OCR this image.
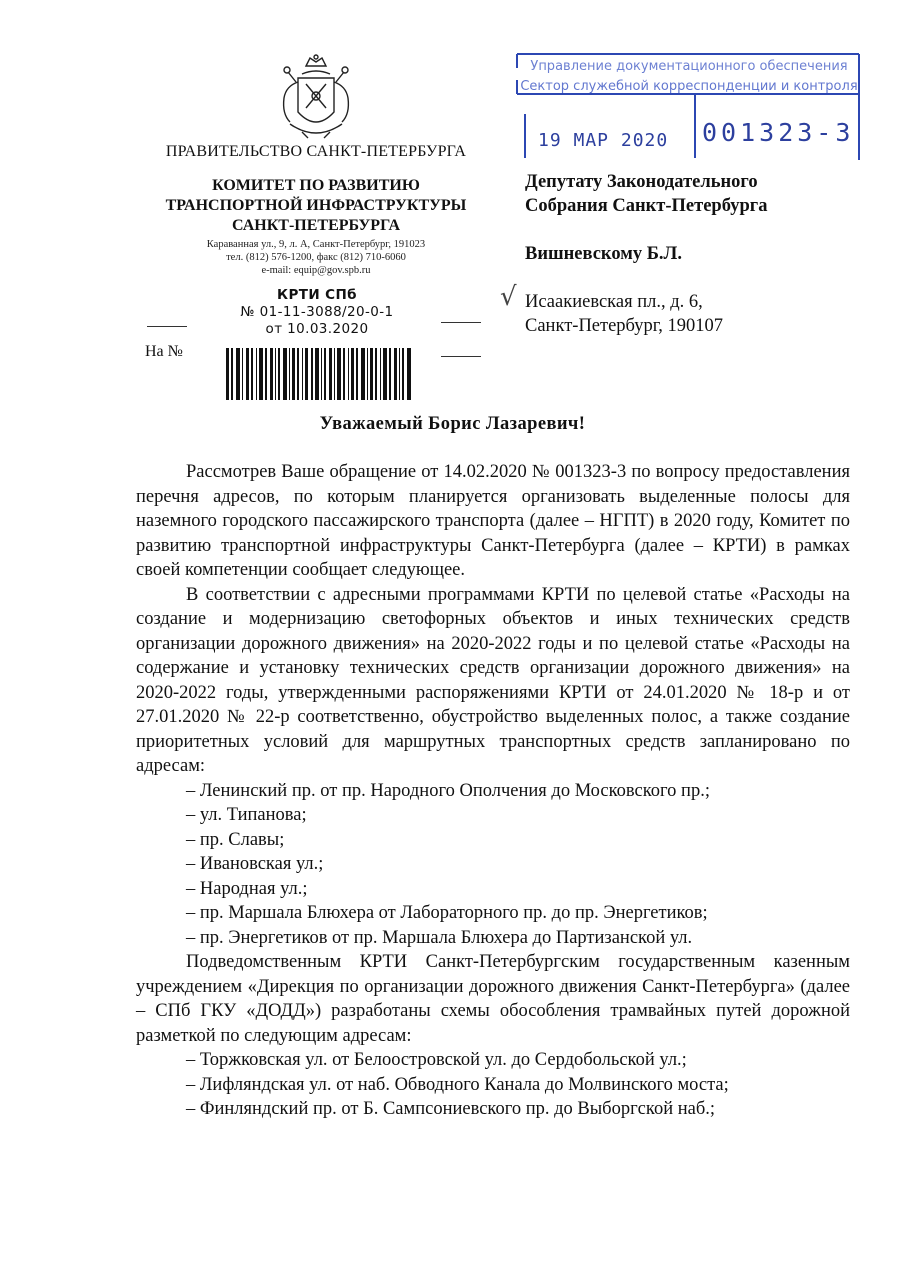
ПРАВИТЕЛЬСТВО САНКТ-ПЕТЕРБУРГА
КОМИТЕТ ПО РАЗВИТИЮ
ТРАНСПОРТНОЙ ИНФРАСТРУКТУРЫ
САНКТ-ПЕТЕРБУРГА
Караванная ул., 9, л. А, Санкт-Петербург, 191023
тел. (812) 576-1200, факс (812) 710-6060
e-mail: equip@gov.spb.ru
КРТИ СПб
№ 01-11-3088/20-0-1
от 10.03.2020
На №
Управление документационного обеспечения
Сектор служебной корреспонденции и контроля
19 MAP 2020	001323-3
Депутату Законодательного
Собрания Санкт-Петербурга
Вишневскому Б.Л.
√ Исаакиевская пл., д. 6,
Санкт-Петербург, 190107
Уважаемый Борис Лазаревич!

Рассмотрев Ваше обращение от 14.02.2020 № 001323-3 по вопросу предоставления перечня адресов, по которым планируется организовать выделенные полосы для наземного городского пассажирского транспорта (далее – НГПТ) в 2020 году, Комитет по развитию транспортной инфраструктуры Санкт-Петербурга (далее – КРТИ) в рамках своей компетенции сообщает следующее.

В соответствии с адресными программами КРТИ по целевой статье «Расходы на создание и модернизацию светофорных объектов и иных технических средств организации дорожного движения» на 2020-2022 годы и по целевой статье «Расходы на содержание и установку технических средств организации дорожного движения» на 2020-2022 годы, утвержденными распоряжениями КРТИ от 24.01.2020 № 18-р и от 27.01.2020 № 22-р соответственно, обустройство выделенных полос, а также создание приоритетных условий для маршрутных транспортных средств запланировано по адресам:

– Ленинский пр. от пр. Народного Ополчения до Московского пр.;
– ул. Типанова;
– пр. Славы;
– Ивановская ул.;
– Народная ул.;
– пр. Маршала Блюхера от Лабораторного пр. до пр. Энергетиков;
– пр. Энергетиков от пр. Маршала Блюхера до Партизанской ул.

Подведомственным КРТИ Санкт-Петербургским государственным казенным учреждением «Дирекция по организации дорожного движения Санкт-Петербурга» (далее – СПб ГКУ «ДОДД») разработаны схемы обособления трамвайных путей дорожной разметкой по следующим адресам:

– Торжковская ул. от Белоостровской ул. до Сердобольской ул.;
– Лифляндская ул. от наб. Обводного Канала до Молвинского моста;
– Финляндский пр. от Б. Сампсониевского пр. до Выборгской наб.;
